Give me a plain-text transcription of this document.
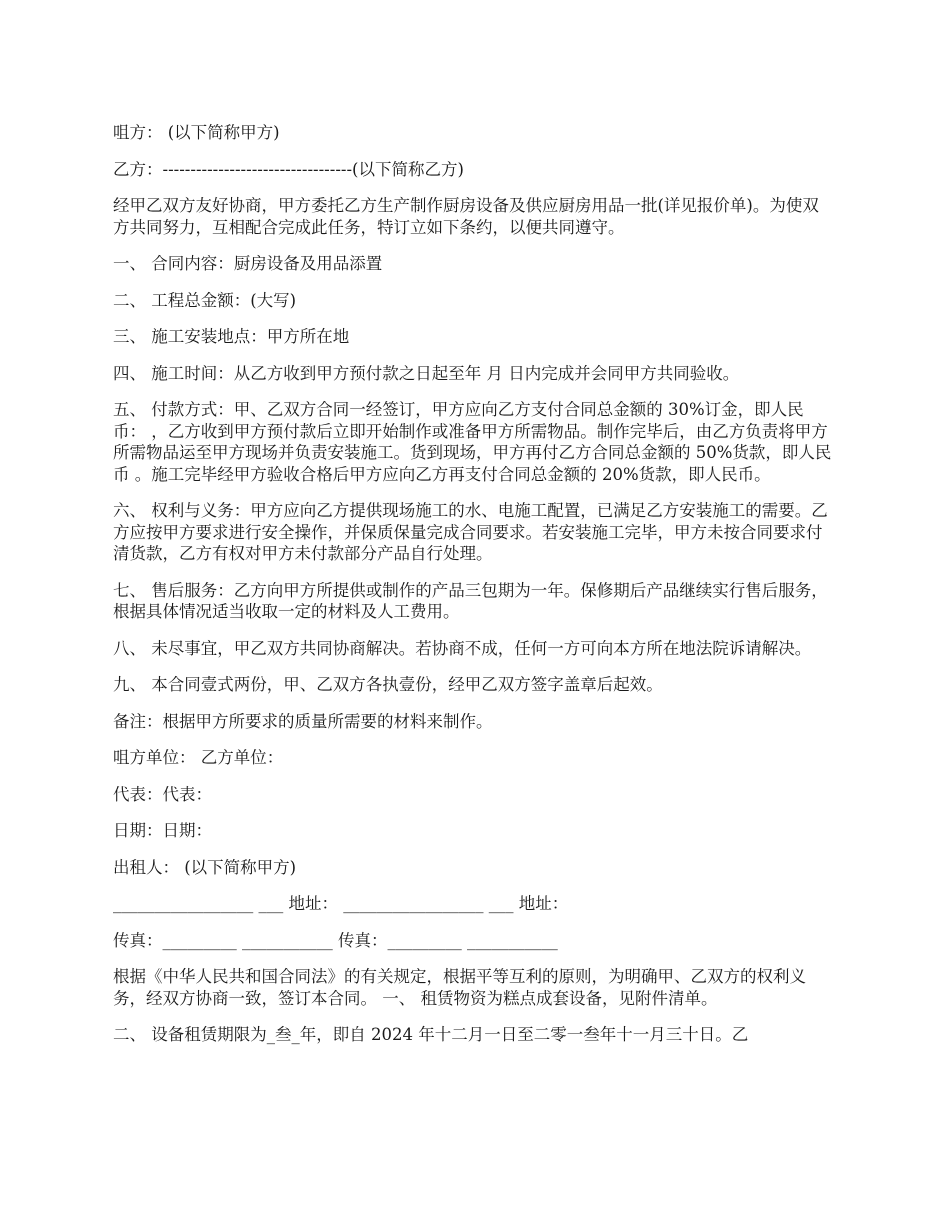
咀方： (以下简称甲方)

乙方：----------------------------------(以下简称乙方)

经甲乙双方友好协商，甲方委托乙方生产制作厨房设备及供应厨房用品一批(详见报价单)。为使双方共同努力，互相配合完成此任务，特订立如下条约，以便共同遵守。

一、 合同内容：厨房设备及用品添置

二、 工程总金额：(大写)

三、 施工安装地点：甲方所在地

四、 施工时间：从乙方收到甲方预付款之日起至年 月 日内完成并会同甲方共同验收。

五、 付款方式：甲、乙双方合同一经签订，甲方应向乙方支付合同总金额的 30%订金，即人民币： ，乙方收到甲方预付款后立即开始制作或准备甲方所需物品。制作完毕后，由乙方负责将甲方所需物品运至甲方现场并负责安装施工。货到现场，甲方再付乙方合同总金额的 50%货款，即人民币 。施工完毕经甲方验收合格后甲方应向乙方再支付合同总金额的 20%货款，即人民币。

六、 权利与义务：甲方应向乙方提供现场施工的水、电施工配置，已满足乙方安装施工的需要。乙方应按甲方要求进行安全操作，并保质保量完成合同要求。若安装施工完毕，甲方未按合同要求付清货款，乙方有权对甲方未付款部分产品自行处理。

七、 售后服务：乙方向甲方所提供或制作的产品三包期为一年。保修期后产品继续实行售后服务，根据具体情况适当收取一定的材料及人工费用。

八、 未尽事宜，甲乙双方共同协商解决。若协商不成，任何一方可向本方所在地法院诉请解决。

九、 本合同壹式两份，甲、乙双方各执壹份，经甲乙双方签字盖章后起效。

备注：根据甲方所要求的质量所需要的材料来制作。

咀方单位： 乙方单位：

代表：代表：

日期：日期：

出租人： (以下简称甲方)

_________________ ___ 地址： _________________ ___ 地址：

传真：_________ ___________ 传真：_________ ___________

根据《中华人民共和国合同法》的有关规定，根据平等互利的原则，为明确甲、乙双方的权利义务，经双方协商一致，签订本合同。 一、 租赁物资为糕点成套设备，见附件清单。

二、 设备租赁期限为_叁_年，即自 2024 年十二月一日至二零一叁年十一月三十日。乙
